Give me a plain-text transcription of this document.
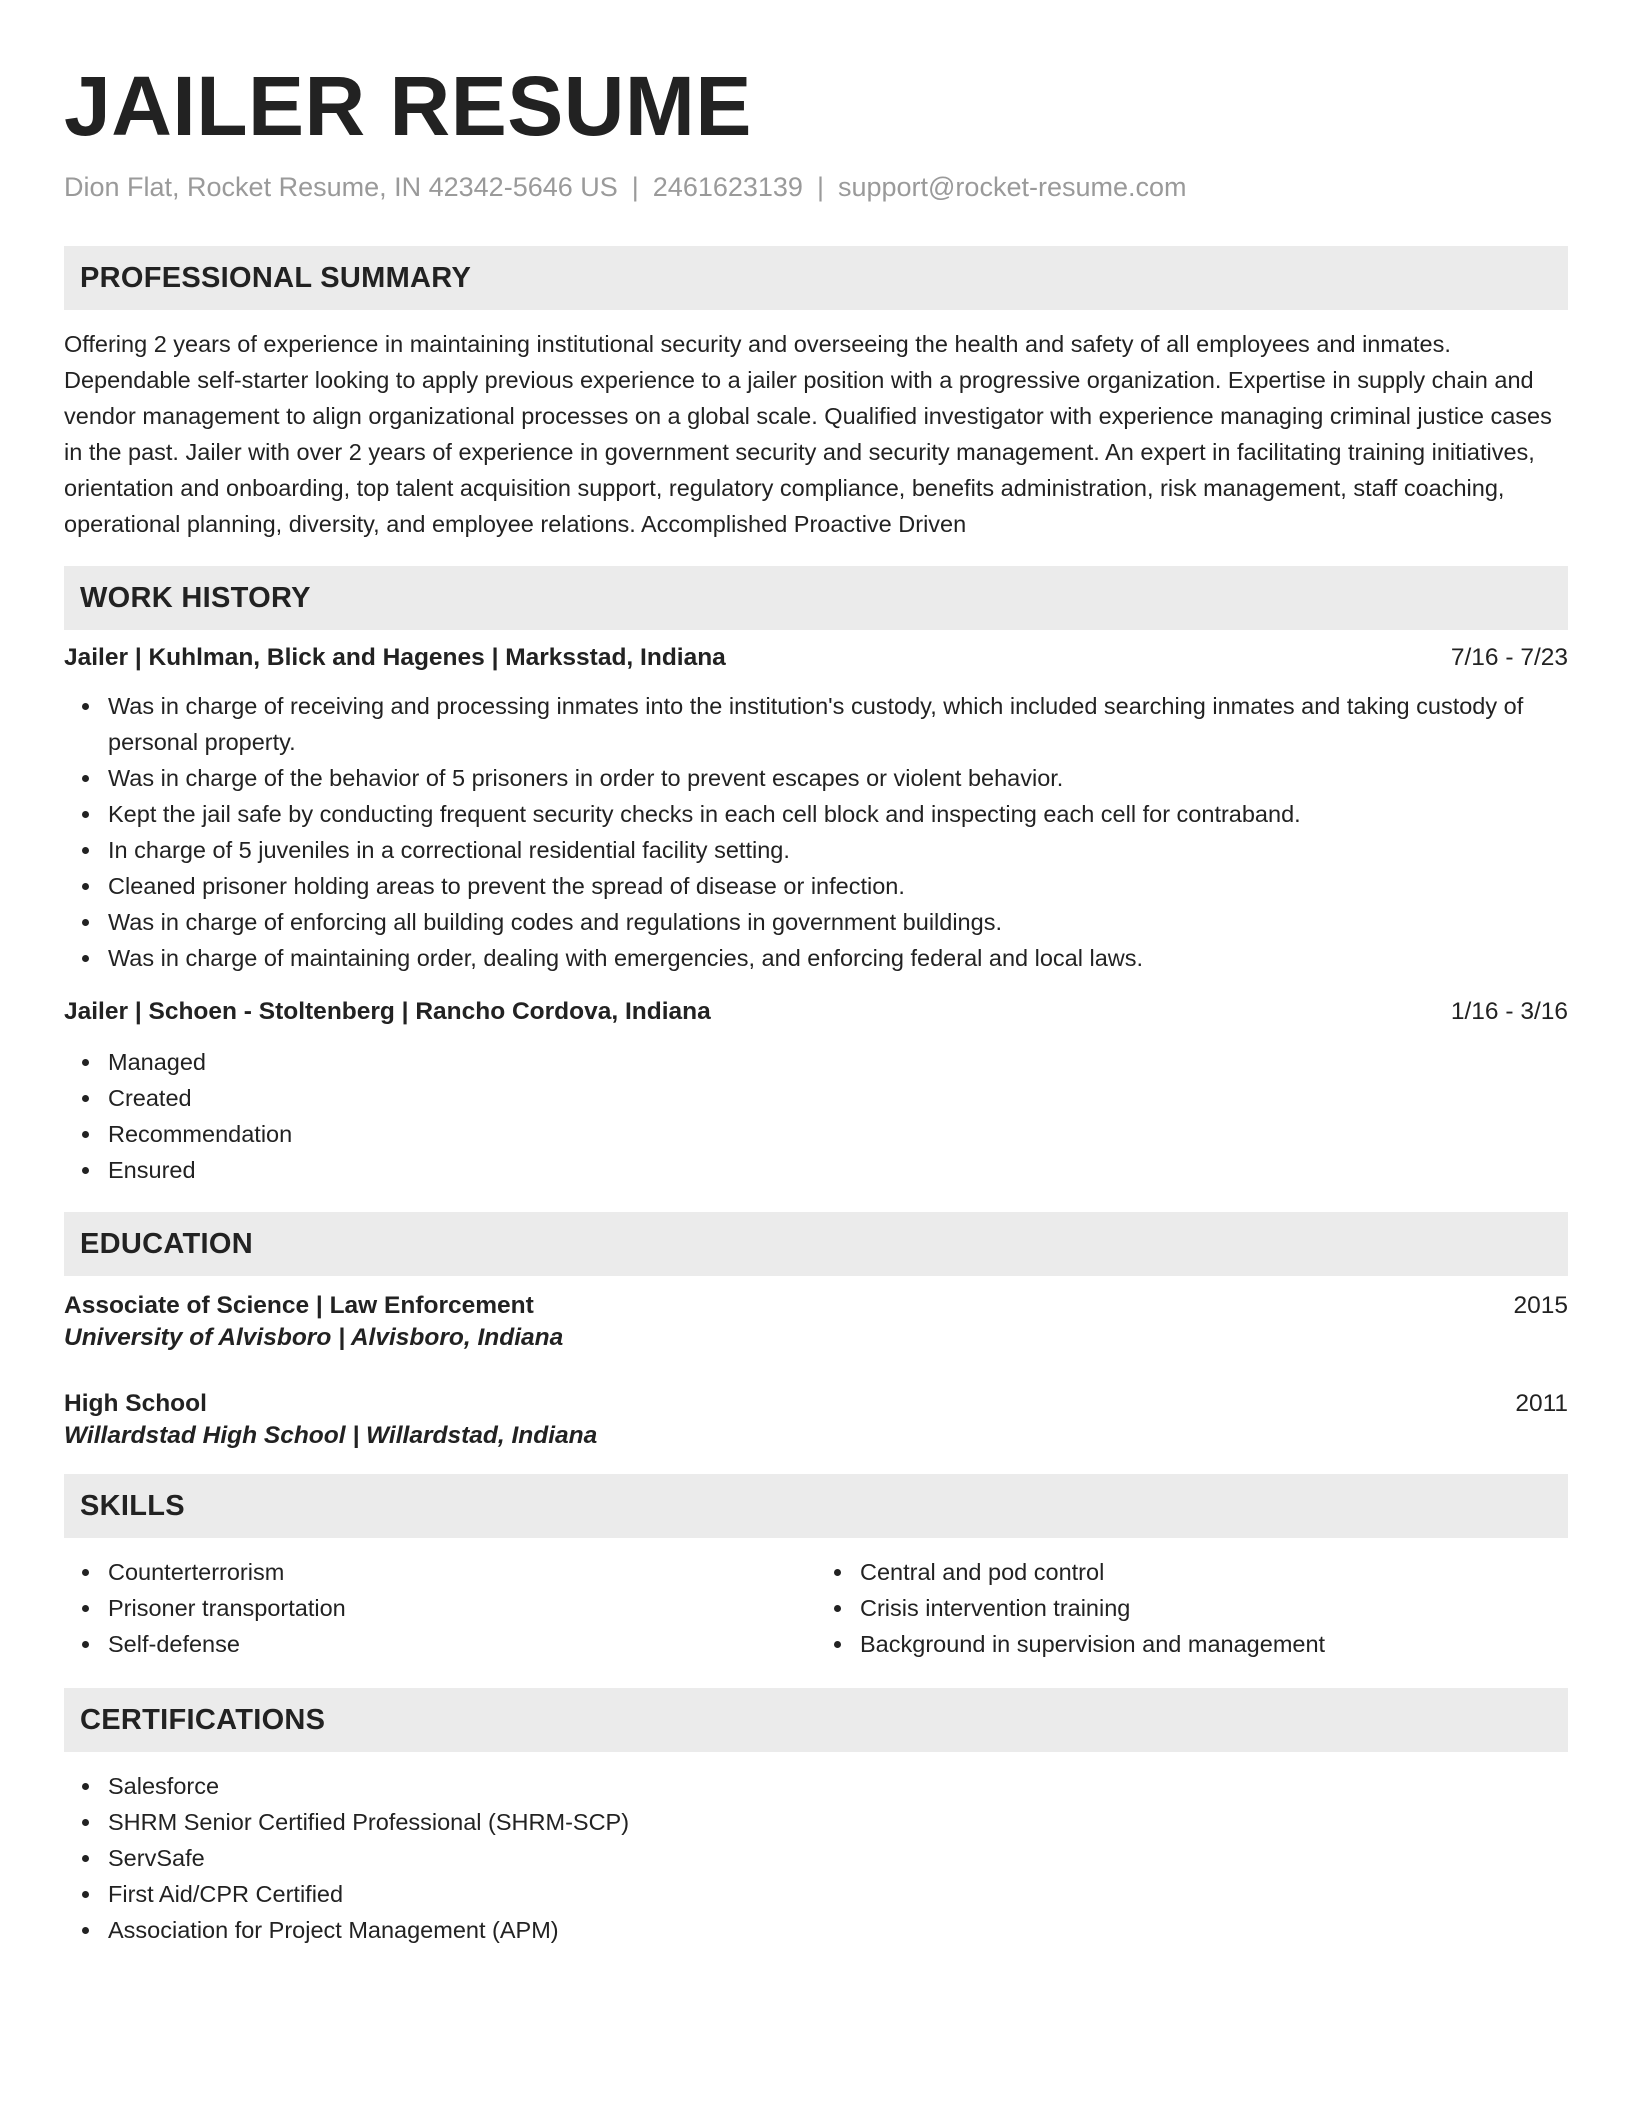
JAILER RESUME
Dion Flat, Rocket Resume, IN 42342-5646 US | 2461623139 | support@rocket-resume.com
PROFESSIONAL SUMMARY

Offering 2 years of experience in maintaining institutional security and overseeing the health and safety of all employees and inmates. Dependable self-starter looking to apply previous experience to a jailer position with a progressive organization. Expertise in supply chain and vendor management to align organizational processes on a global scale. Qualified investigator with experience managing criminal justice cases in the past. Jailer with over 2 years of experience in government security and security management. An expert in facilitating training initiatives, orientation and onboarding, top talent acquisition support, regulatory compliance, benefits administration, risk management, staff coaching, operational planning, diversity, and employee relations. Accomplished Proactive Driven

WORK HISTORY
Jailer | Kuhlman, Blick and Hagenes | Marksstad, Indiana	7/16 - 7/23
Was in charge of receiving and processing inmates into the institution's custody, which included searching inmates and taking custody of personal property.
Was in charge of the behavior of 5 prisoners in order to prevent escapes or violent behavior.
Kept the jail safe by conducting frequent security checks in each cell block and inspecting each cell for contraband.
In charge of 5 juveniles in a correctional residential facility setting.
Cleaned prisoner holding areas to prevent the spread of disease or infection.
Was in charge of enforcing all building codes and regulations in government buildings.
Was in charge of maintaining order, dealing with emergencies, and enforcing federal and local laws.
Jailer | Schoen - Stoltenberg | Rancho Cordova, Indiana	1/16 - 3/16
Managed
Created
Recommendation
Ensured
EDUCATION
Associate of Science | Law Enforcement	2015
University of Alvisboro | Alvisboro, Indiana
High School	2011
Willardstad High School | Willardstad, Indiana
SKILLS
Counterterrorism
Prisoner transportation
Self-defense
Central and pod control
Crisis intervention training
Background in supervision and management
CERTIFICATIONS
Salesforce
SHRM Senior Certified Professional (SHRM-SCP)
ServSafe
First Aid/CPR Certified
Association for Project Management (APM)
